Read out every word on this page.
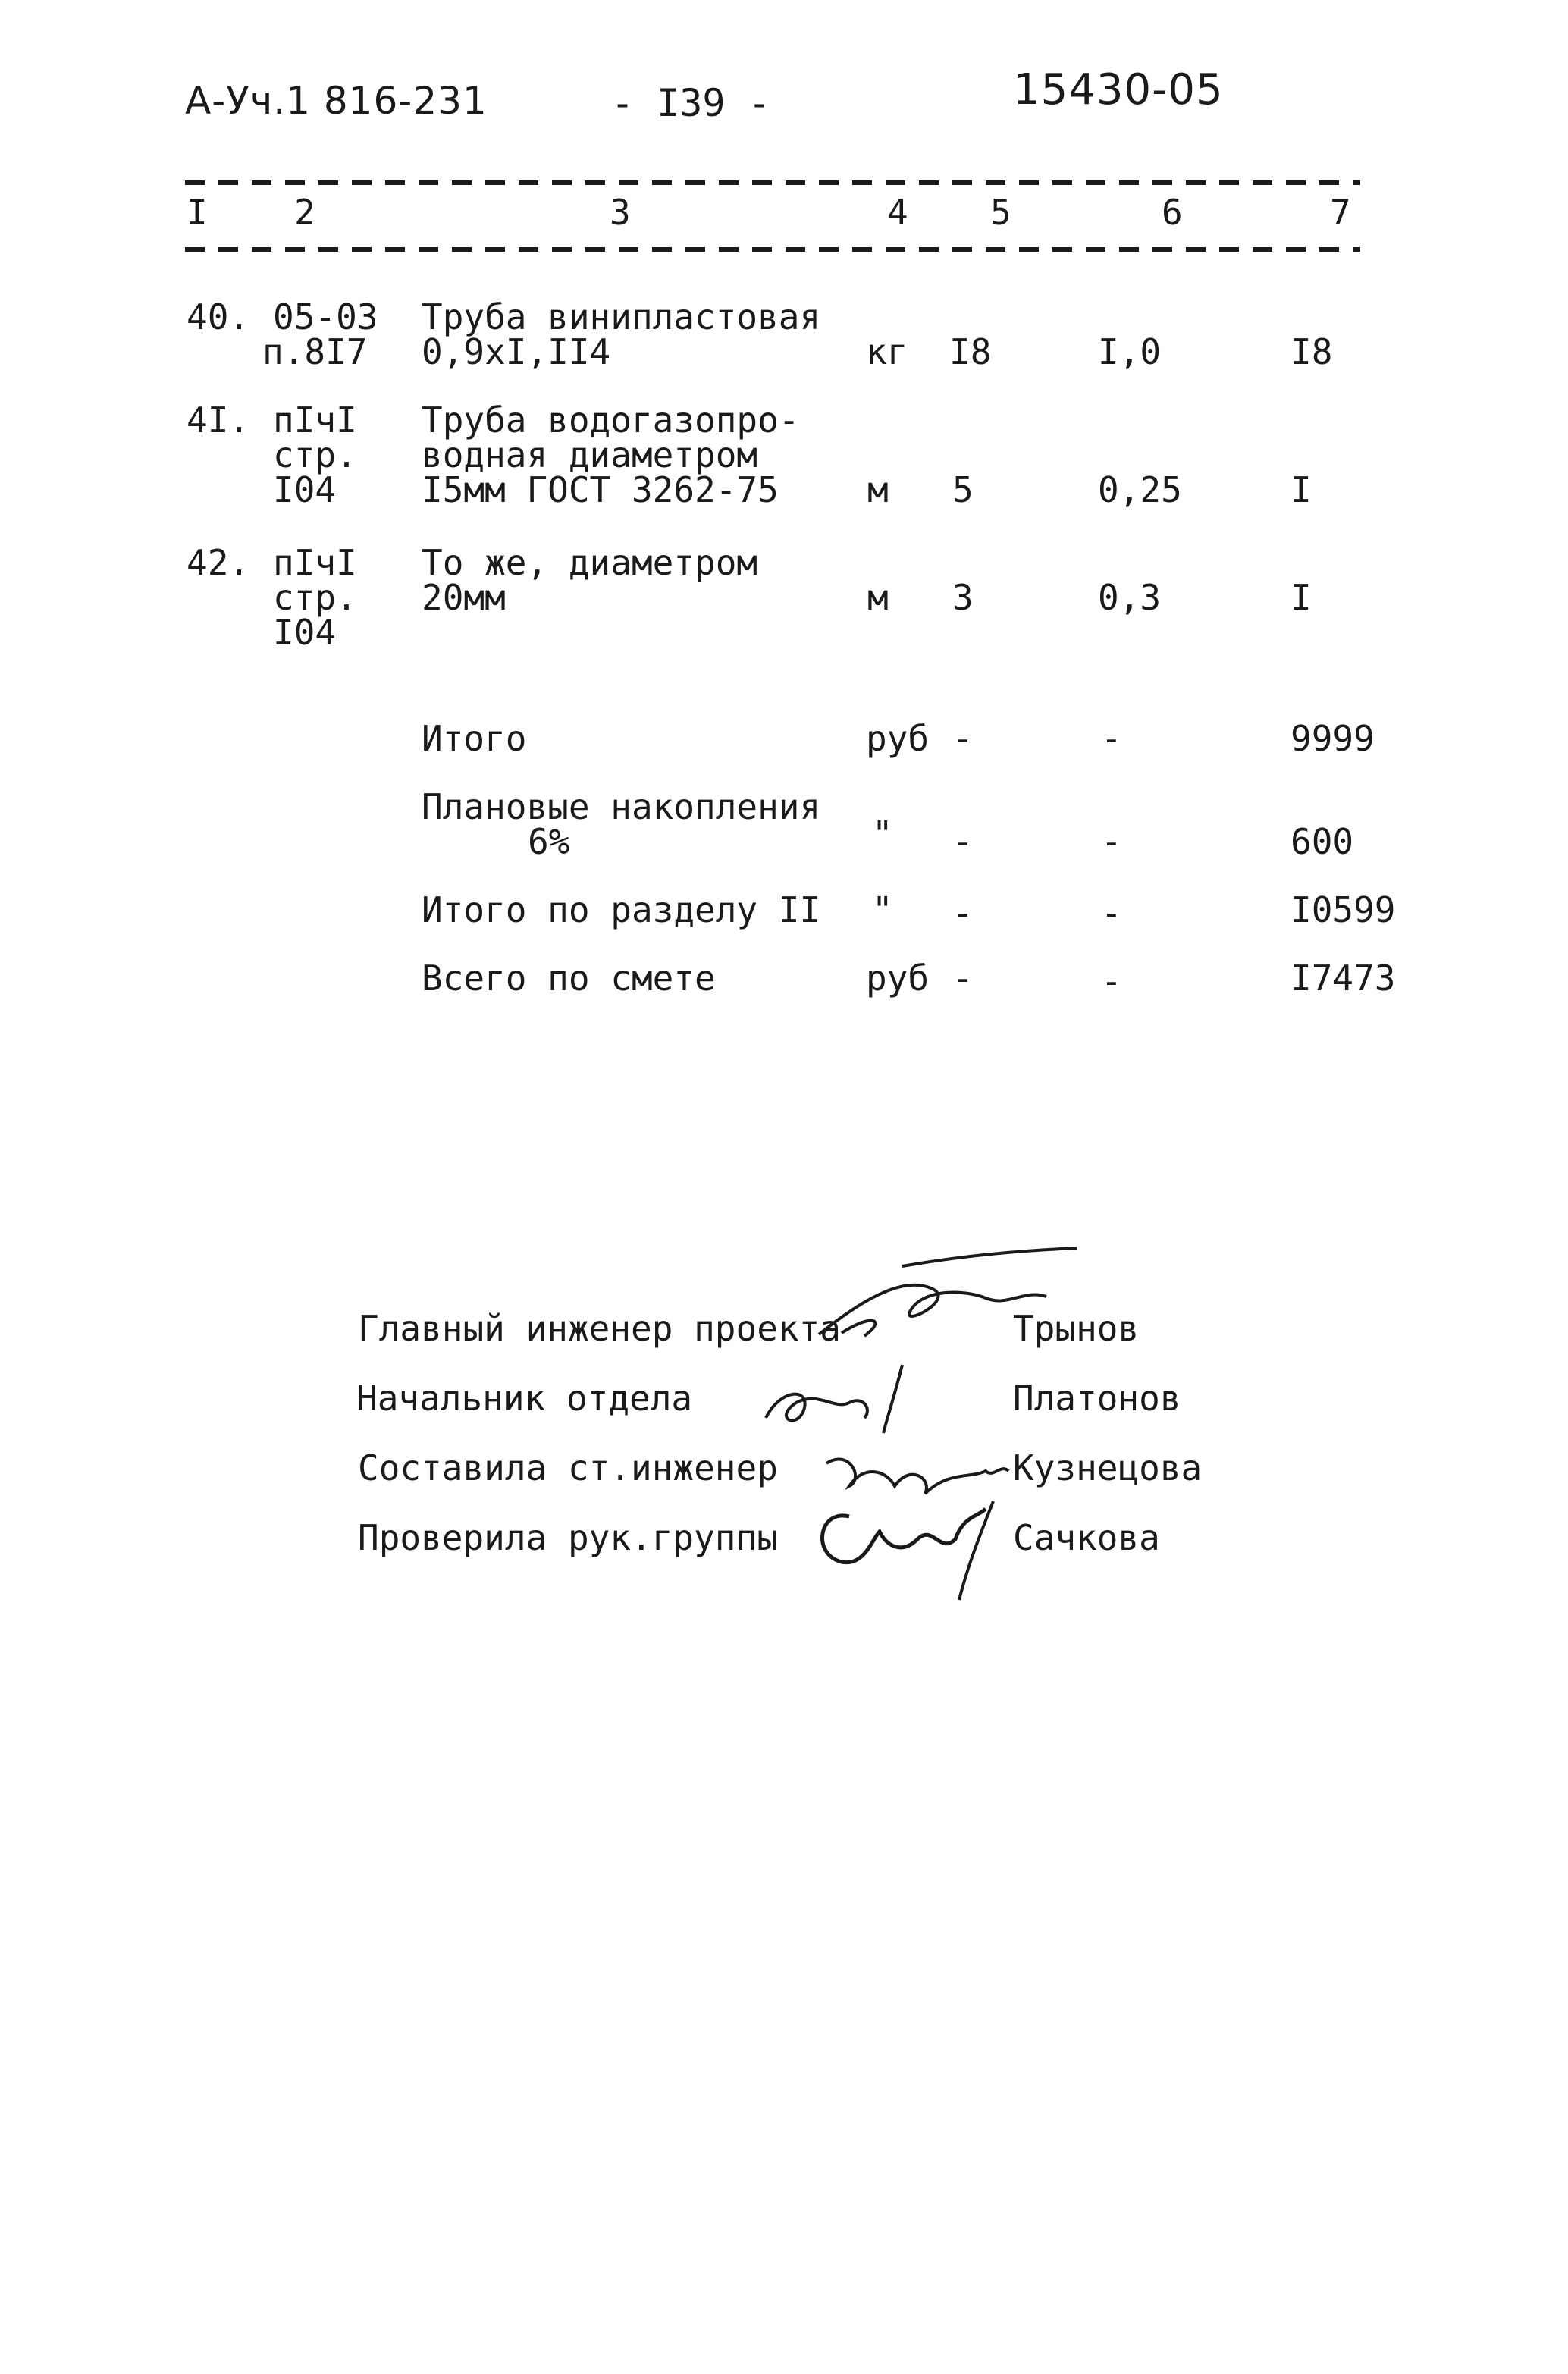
А-Уч.1 816-231	- I39 -	15430-05
I 2	3	4 5	6	7
40. 05-03
п.8I7
Труба винипластовая
0,9хI,II4	кг I8	I,0	I8
4I. пIчI
стр.
I04
Труба водогазопро-
водная диаметром
I5мм ГОСТ 3262-75	м 5	0,25	I
42. пIчI
стр.
I04
То же, диаметром
20мм	м 3	0,3	I
Итого	руб -	-	9999
Плановые накопления
6%	" -	-	600
Итого по разделу II " -	-	I0599
Всего по смете	руб -	-	I7473
Главный инженер проекта	Трынов
Начальник отдела	Платонов
Составила ст.инженер	Кузнецова
Проверила рук.группы	Сачкова
